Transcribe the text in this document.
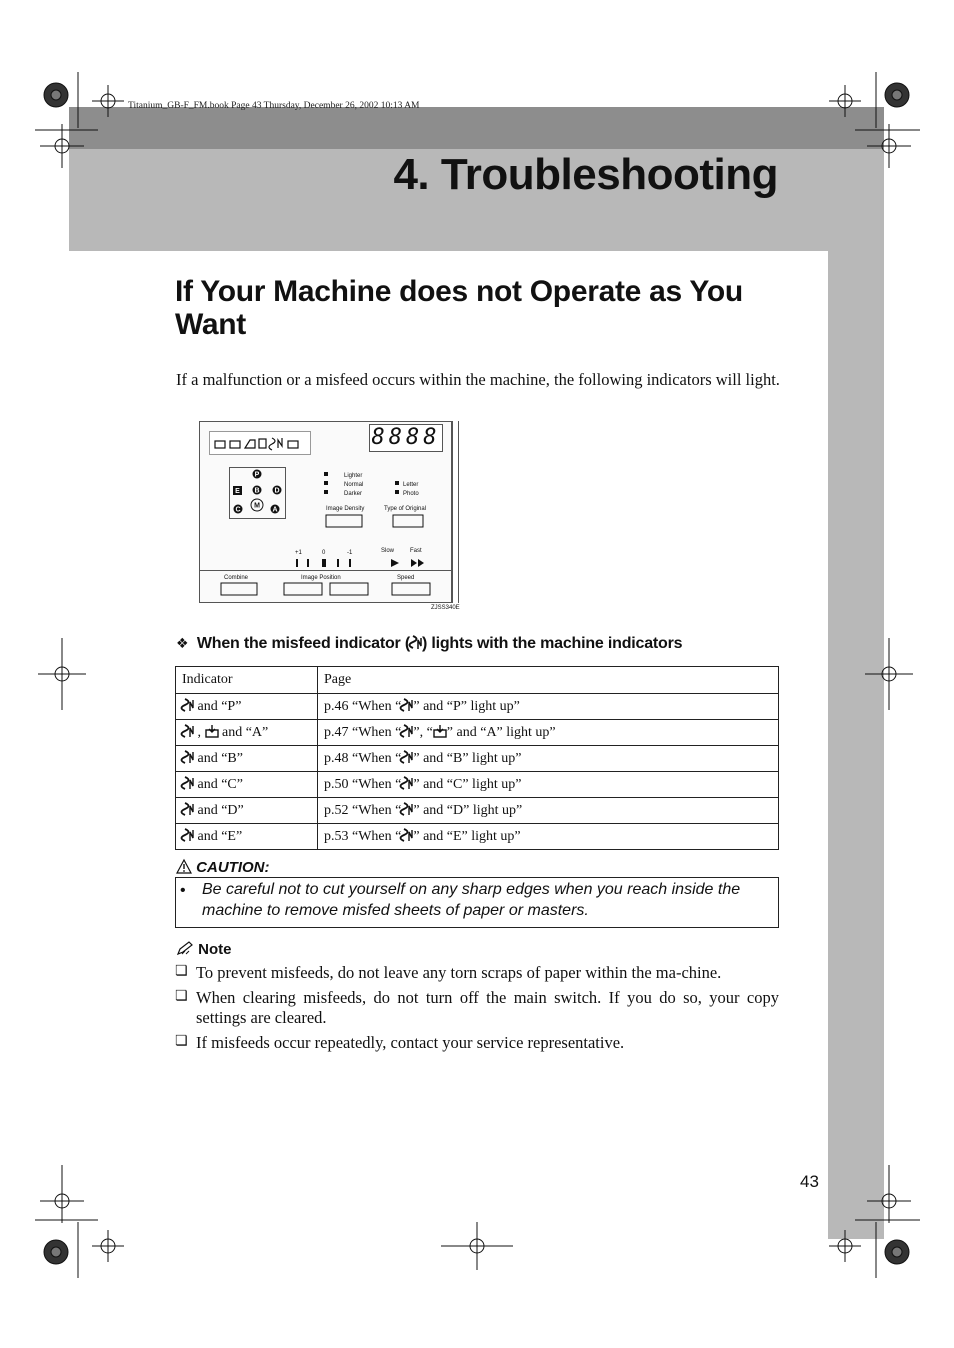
Titanium_GB-F_FM.book Page 43 Thursday, December 26, 2002 10:13 AM
4. Troubleshooting
If Your Machine does not Operate as You Want
If a malfunction or a misfeed occurs within the machine, the following indicators will light.
8888
P
E B D
C
M
A
Lighter
Normal
Darker
Letter
Photo
Image Density	Type of Original
+1	0	-1	Slow	Fast
Combine	Image Position	Speed
ZJSS340E
❖ When the misfeed indicator ( ) lights with the machine indicators
Indicator	Page
and “P”	p.46 “When “ ” and “P” light up”
,  and “A”	p.47 “When “ ”, “ ” and “A” light up”
and “B”	p.48 “When “ ” and “B” light up”
and “C”	p.50 “When “ ” and “C” light up”
and “D”	p.52 “When “ ” and “D” light up”
and “E”	p.53 “When “ ” and “E” light up”
CAUTION:
• Be careful not to cut yourself on any sharp edges when you reach inside the machine to remove misfed sheets of paper or masters.
Note
❏ To prevent misfeeds, do not leave any torn scraps of paper within the ma-chine.
❏ When clearing misfeeds, do not turn off the main switch. If you do so, your copy settings are cleared.
❏ If misfeeds occur repeatedly, contact your service representative.
43
